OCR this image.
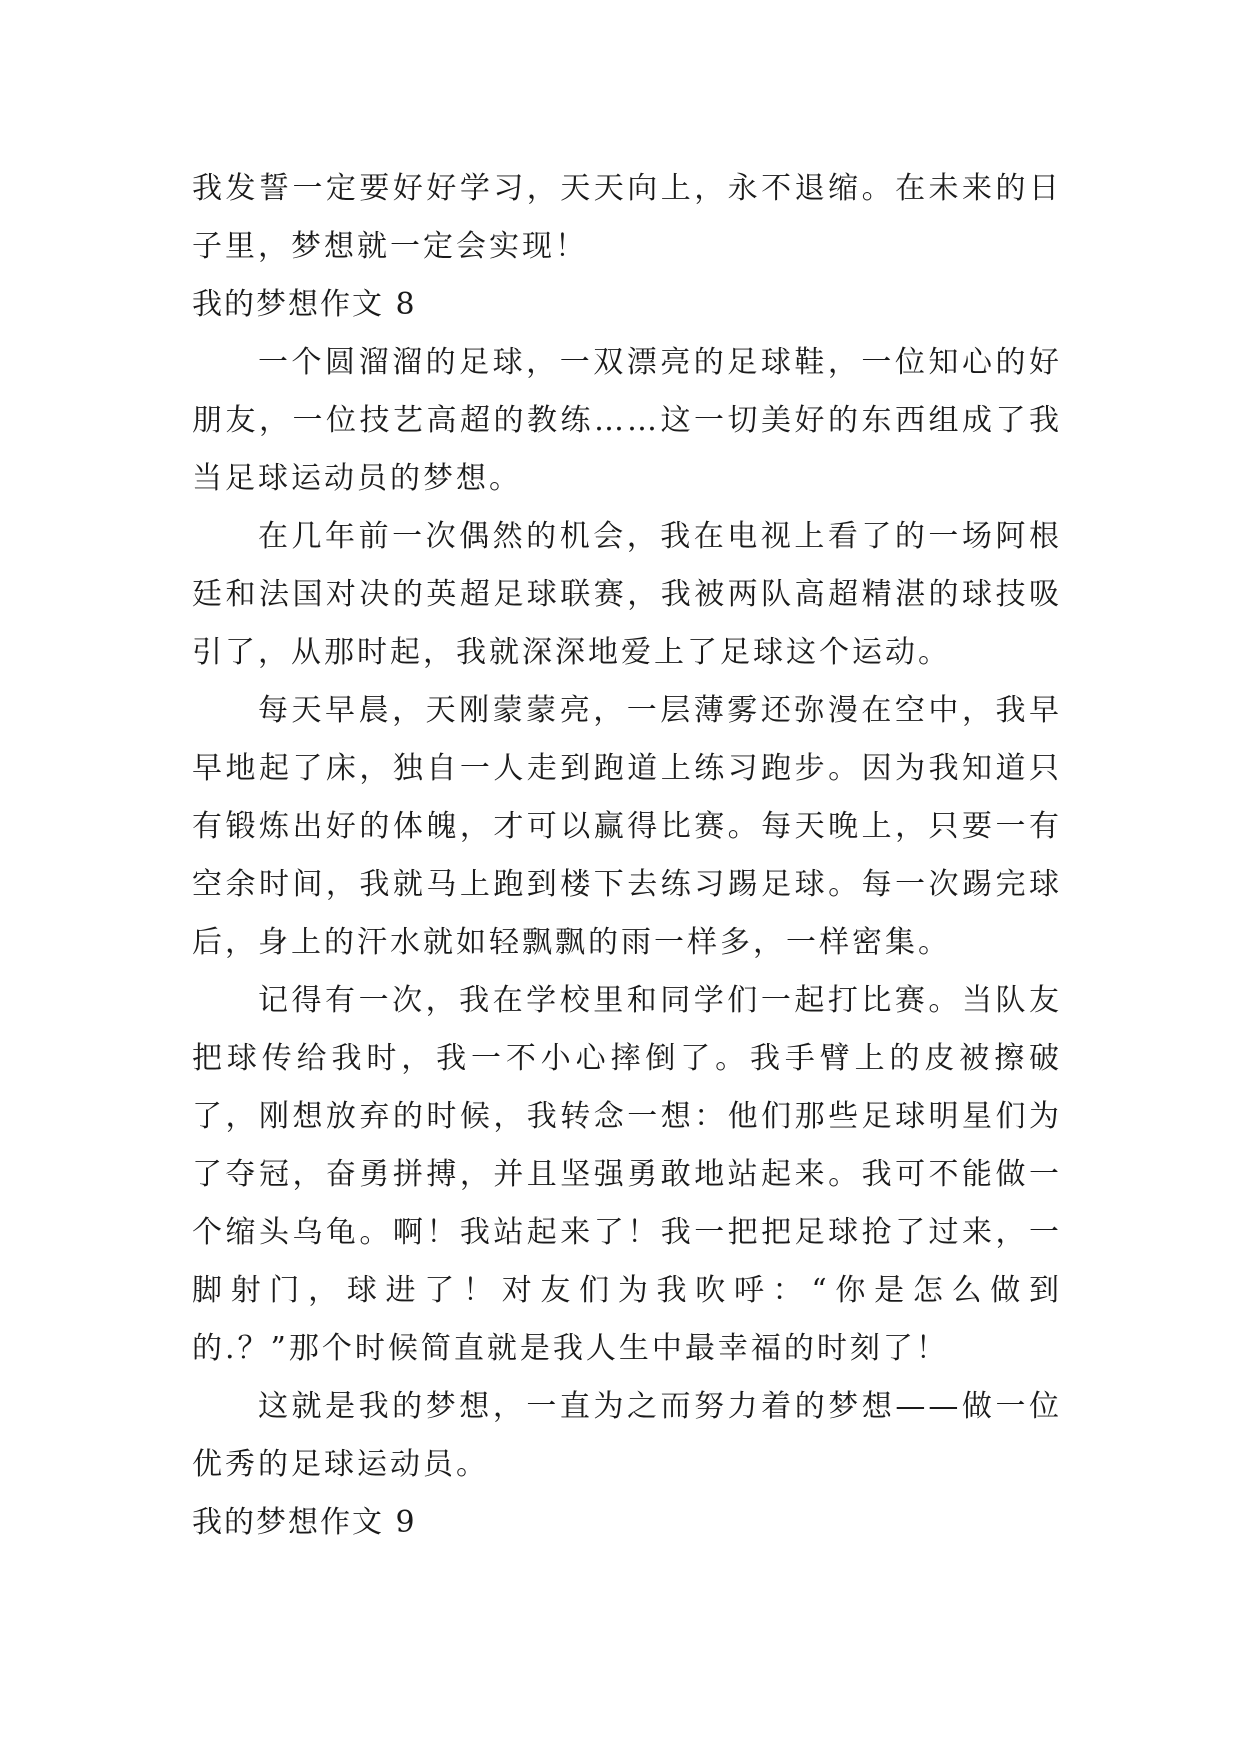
我发誓一定要好好学习，天天向上，永不退缩。在未来的日子里，梦想就一定会实现！

我的梦想作文 8

一个圆溜溜的足球，一双漂亮的足球鞋，一位知心的好朋友，一位技艺高超的教练……这一切美好的东西组成了我当足球运动员的梦想。

在几年前一次偶然的机会，我在电视上看了的一场阿根廷和法国对决的英超足球联赛，我被两队高超精湛的球技吸引了，从那时起，我就深深地爱上了足球这个运动。

每天早晨，天刚蒙蒙亮，一层薄雾还弥漫在空中，我早早地起了床，独自一人走到跑道上练习跑步。因为我知道只有锻炼出好的体魄，才可以赢得比赛。每天晚上，只要一有空余时间，我就马上跑到楼下去练习踢足球。每一次踢完球后，身上的汗水就如轻飘飘的雨一样多，一样密集。

记得有一次，我在学校里和同学们一起打比赛。当队友把球传给我时，我一不小心摔倒了。我手臂上的皮被擦破了，刚想放弃的时候，我转念一想：他们那些足球明星们为了夺冠，奋勇拼搏，并且坚强勇敢地站起来。我可不能做一个缩头乌龟。啊！我站起来了！我一把把足球抢了过来，一脚射门，球进了！对友们为我吹呼：“你是怎么做到的.？”那个时候简直就是我人生中最幸福的时刻了！

这就是我的梦想，一直为之而努力着的梦想——做一位优秀的足球运动员。

我的梦想作文 9
